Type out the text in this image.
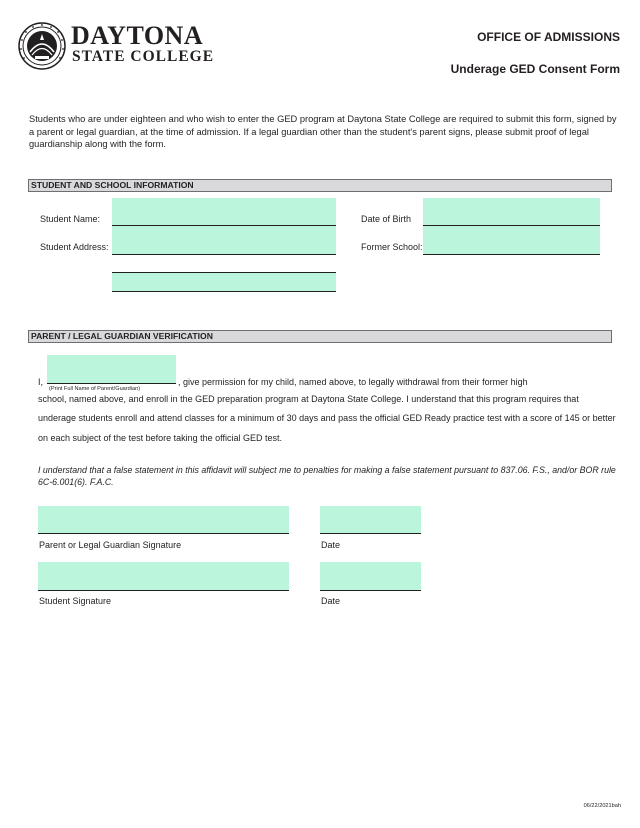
DAYTONA
STATE COLLEGE
OFFICE OF ADMISSIONS
Underage GED Consent Form
Students who are under eighteen and who wish to enter the GED program at Daytona State College are required to submit this form, signed by a parent or legal guardian, at the time of admission. If a legal guardian other than the student's parent signs, please submit proof of legal guardianship along with the form.
STUDENT AND SCHOOL INFORMATION
Student Name:	Date of Birth
Student Address:	Former School:
PARENT / LEGAL GUARDIAN VERIFICATION
I,
(Print Full Name of Parent/Guardian)
, give permission for my child, named above, to legally withdrawal from their former high
school, named above, and enroll in the GED preparation program at Daytona State College. I understand that this program requires that
underage students enroll and attend classes for a minimum of 30 days and pass the official GED Ready practice test with a score of 145 or better
on each subject of the test before taking the official GED test.
I understand that a false statement in this affidavit will subject me to penalties for making a false statement pursuant to 837.06. F.S., and/or BOR rule 6C-6.001(6). F.A.C.
Parent or Legal Guardian Signature	Date
Student Signature	Date
06/22/2021bah
